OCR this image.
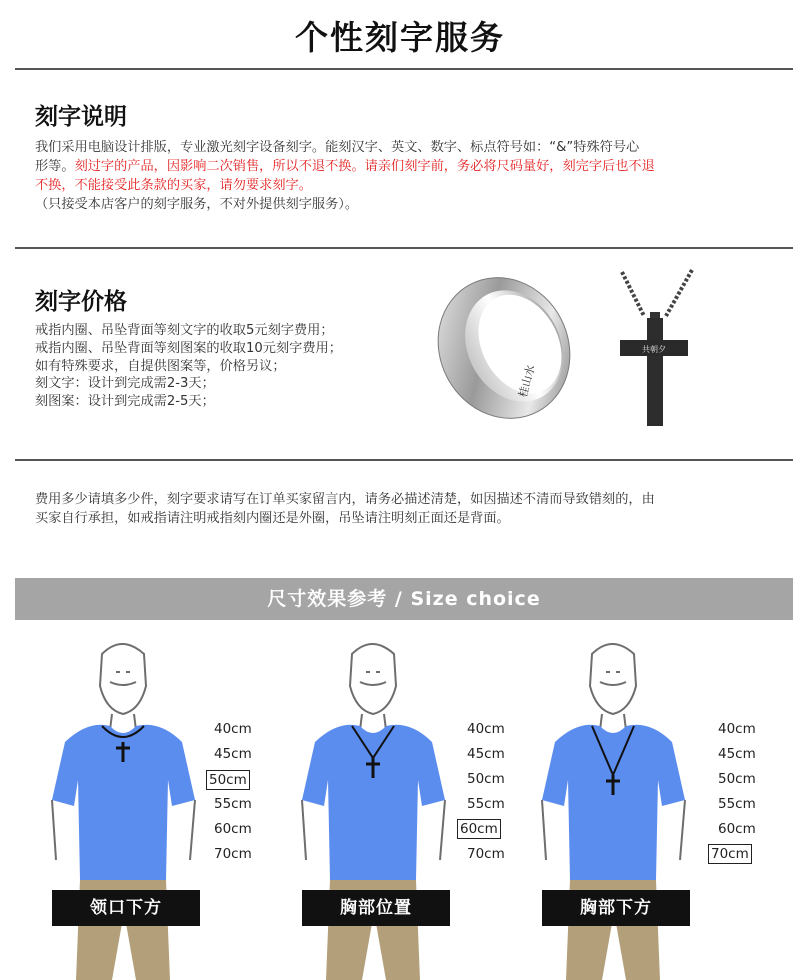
个性刻字服务
刻字说明

我们采用电脑设计排版，专业激光刻字设备刻字。能刻汉字、英文、数字、标点符号如：“&”特殊符号心

形等。刻过字的产品，因影响二次销售，所以不退不换。请亲们刻字前，务必将尺码量好，刻完字后也不退

不换，不能接受此条款的买家，请勿要求刻字。

（只接受本店客户的刻字服务，不对外提供刻字服务）。

刻字价格
戒指内圈、吊坠背面等刻文字的收取5元刻字费用；
戒指内圈、吊坠背面等刻图案的收取10元刻字费用；
如有特殊要求，自提供图案等，价格另议；
刻文字：设计到完成需2-3天；
刻图案：设计到完成需2-5天；
桂山水
共朝夕

费用多少请填多少件，刻字要求请写在订单买家留言内，请务必描述清楚，如因描述不清而导致错刻的，由

买家自行承担，如戒指请注明戒指刻内圈还是外圈，吊坠请注明刻正面还是背面。

尺寸效果参考 / Size choice
40cm
45cm
50cm
55cm
60cm
70cm
领口下方
40cm
45cm
50cm
55cm
60cm
70cm
胸部位置
40cm
45cm
50cm
55cm
60cm
70cm
胸部下方
